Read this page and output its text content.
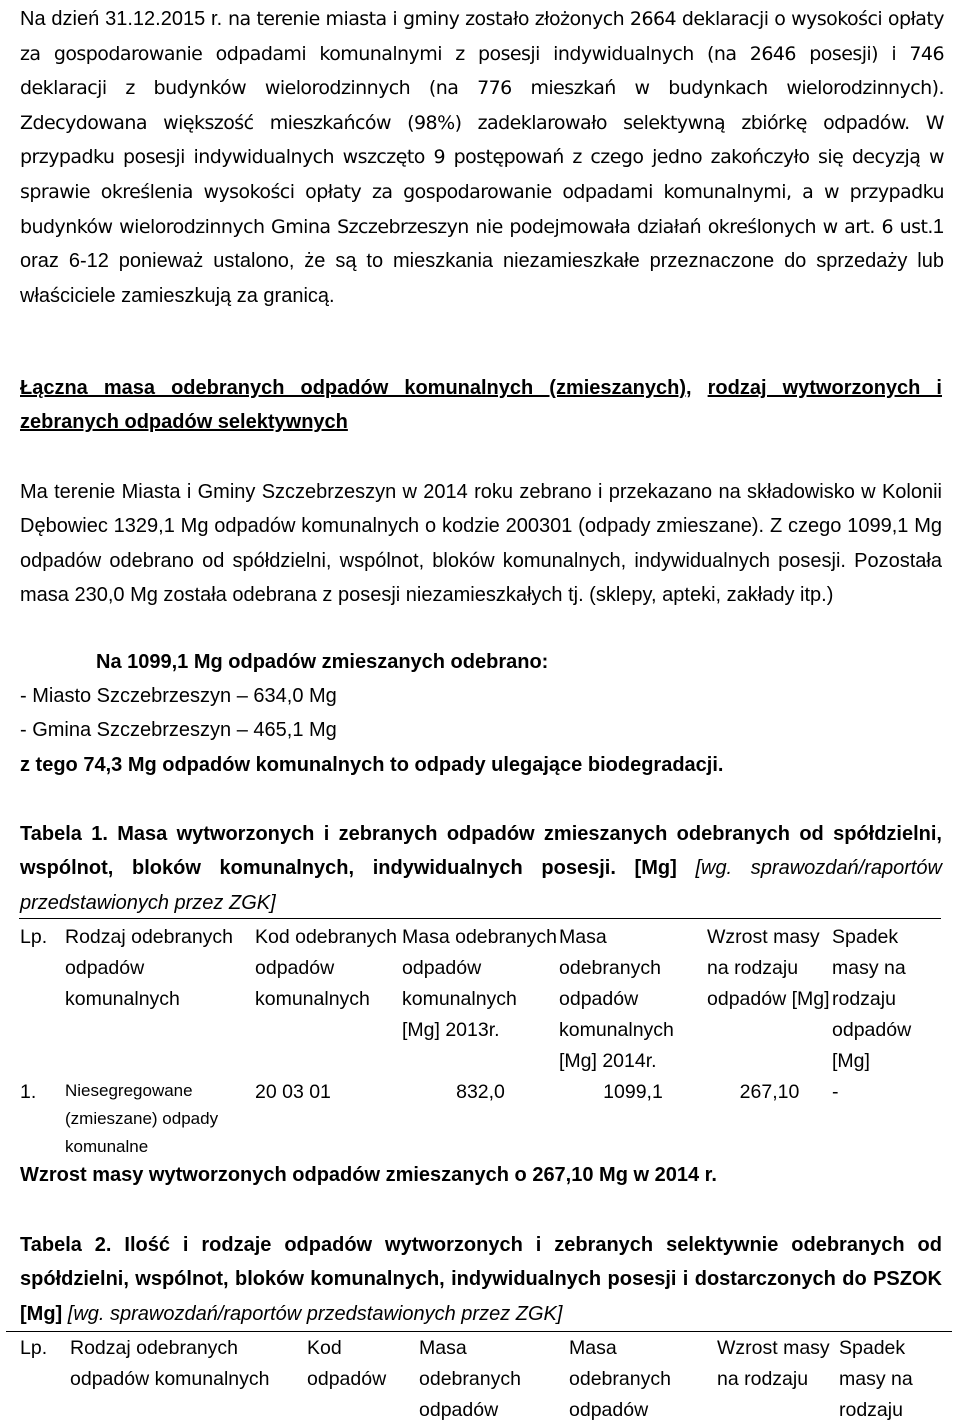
Na dzień 31.12.2015 r. na terenie miasta i gminy zostało złożonych 2664 deklaracji o wysokości opłaty za gospodarowanie odpadami komunalnymi z posesji indywidualnych (na 2646 posesji) i 746 deklaracji z budynków wielorodzinnych (na 776 mieszkań w budynkach wielorodzinnych). Zdecydowana większość mieszkańców (98%) zadeklarowało selektywną zbiórkę odpadów. W przypadku posesji indywidualnych wszczęto 9 postępowań z czego jedno zakończyło się decyzją w sprawie określenia wysokości opłaty za gospodarowanie odpadami komunalnymi, a w przypadku budynków wielorodzinnych Gmina Szczebrzeszyn nie podejmowała działań określonych w art. 6 ust.1 oraz 6-12 ponieważ ustalono, że są to mieszkania niezamieszkałe przeznaczone do sprzedaży lub właściciele zamieszkują za granicą.

Łączna masa odebranych odpadów komunalnych (zmieszanych), rodzaj wytworzonych i zebranych odpadów selektywnych

Ma terenie Miasta i Gminy Szczebrzeszyn w 2014 roku zebrano i przekazano na składowisko w Kolonii Dębowiec 1329,1 Mg odpadów komunalnych o kodzie 200301 (odpady zmieszane). Z czego 1099,1 Mg odpadów odebrano od spółdzielni, wspólnot, bloków komunalnych, indywidualnych posesji. Pozostała masa 230,0 Mg została odebrana z posesji niezamieszkałych tj. (sklepy, apteki, zakłady itp.)

Na 1099,1 Mg odpadów zmieszanych odebrano:

- Miasto Szczebrzeszyn – 634,0 Mg

- Gmina Szczebrzeszyn – 465,1 Mg

z tego 74,3 Mg odpadów komunalnych to odpady ulegające biodegradacji.

Tabela 1. Masa wytworzonych i zebranych odpadów zmieszanych odebranych od spółdzielni, wspólnot, bloków komunalnych, indywidualnych posesji. [Mg] [wg. sprawozdań/raportów przedstawionych przez ZGK]

Lp.	Rodzaj odebranych odpadów komunalnych	Kod odebranych odpadów komunalnych	Masa odebranych odpadów komunalnych [Mg] 2013r.	Masa odebranych odpadów komunalnych [Mg] 2014r.	Wzrost masy na rodzaju odpadów [Mg]	Spadek masy na rodzaju odpadów [Mg]
1.	Niesegregowane (zmieszane) odpady komunalne	20 03 01	832,0	1099,1	267,10	-

Wzrost masy wytworzonych odpadów zmieszanych o 267,10 Mg w 2014 r.

Tabela 2. Ilość i rodzaje odpadów wytworzonych i zebranych selektywnie odebranych od spółdzielni, wspólnot, bloków komunalnych, indywidualnych posesji i dostarczonych do PSZOK [Mg] [wg. sprawozdań/raportów przedstawionych przez ZGK]

Lp.	Rodzaj odebranych odpadów komunalnych	Kod odpadów	Masa odebranych odpadów	Masa odebranych odpadów	Wzrost masy na rodzaju	Spadek masy na rodzaju
